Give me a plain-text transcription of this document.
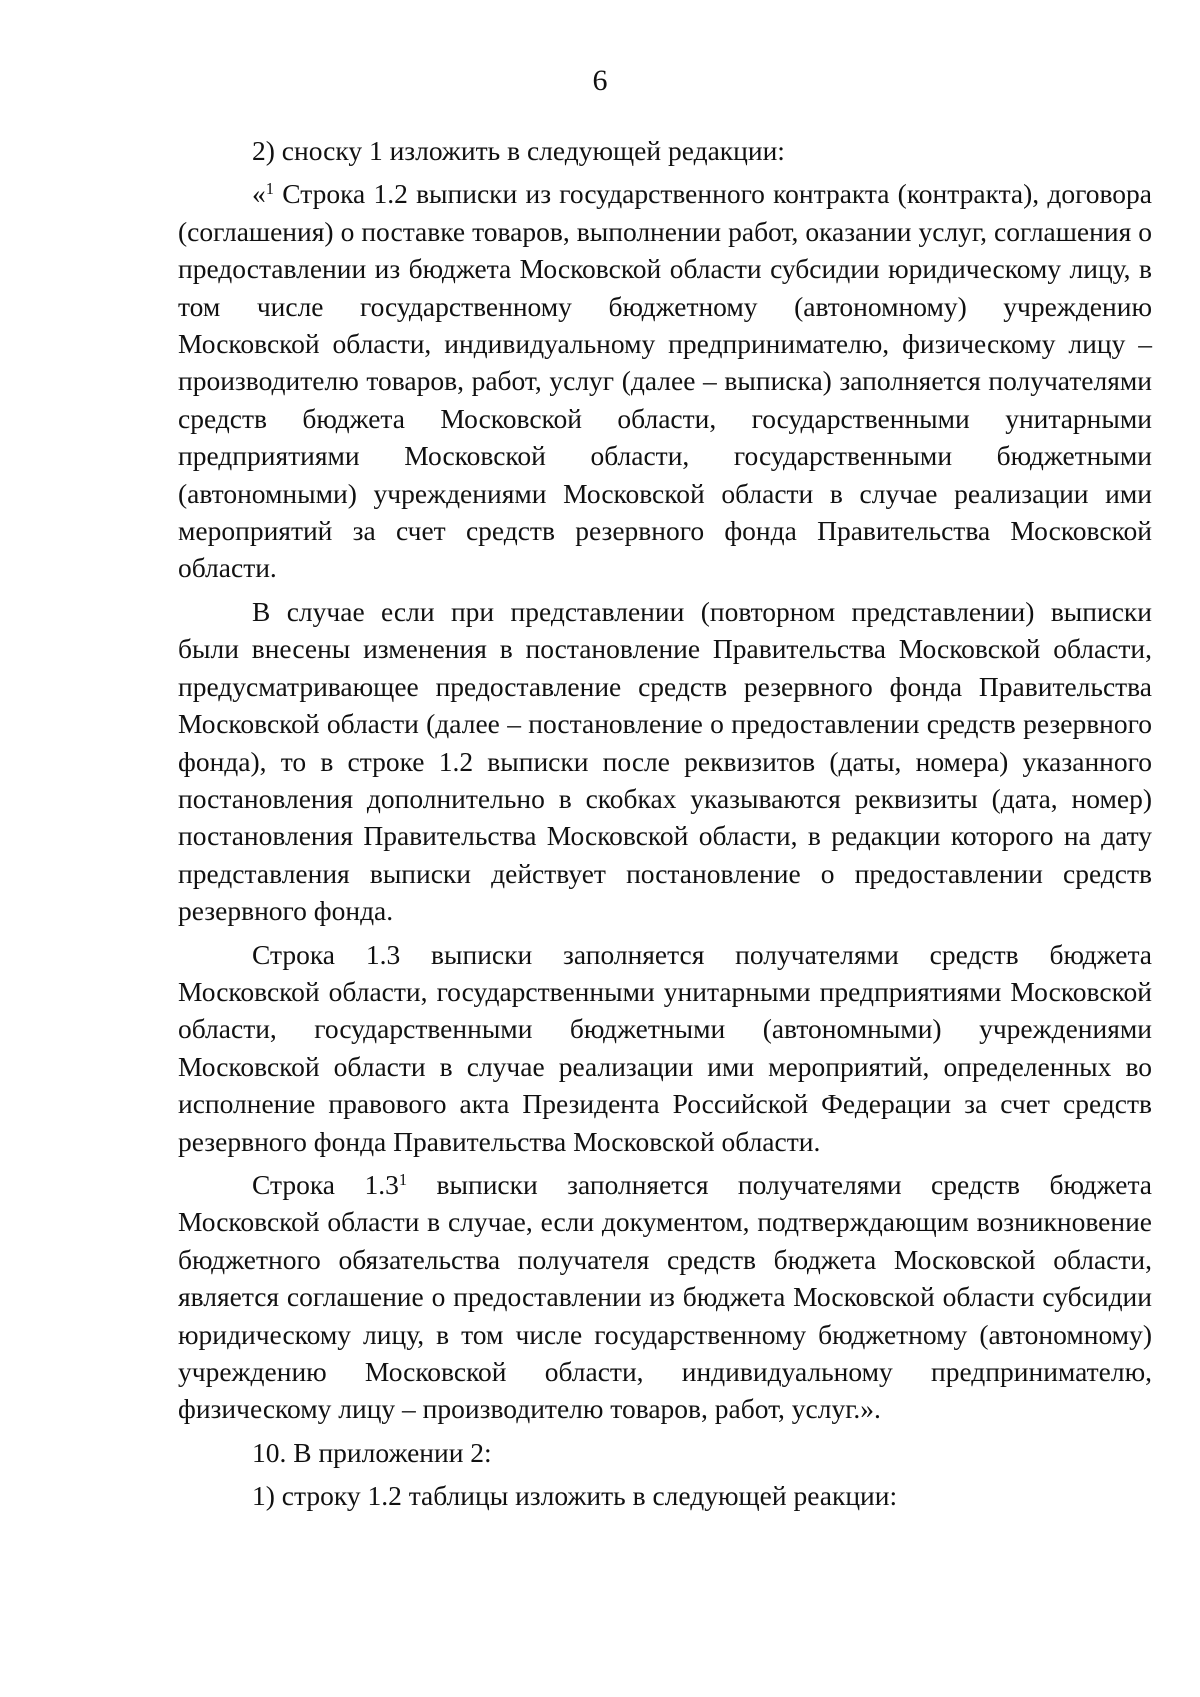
6

2) сноску 1 изложить в следующей редакции:

«$^1$ Строка 1.2 выписки из государственного контракта (контракта), договора (соглашения) о поставке товаров, выполнении работ, оказании услуг, соглашения о предоставлении из бюджета Московской области субсидии юридическому лицу, в том числе государственному бюджетному (автономному) учреждению Московской области, индивидуальному предпринимателю, физическому лицу – производителю товаров, работ, услуг (далее – выписка) заполняется получателями средств бюджета Московской области, государственными унитарными предприятиями Московской области, государственными бюджетными (автономными) учреждениями Московской области в случае реализации ими мероприятий за счет средств резервного фонда Правительства Московской области.

В случае если при представлении (повторном представлении) выписки были внесены изменения в постановление Правительства Московской области, предусматривающее предоставление средств резервного фонда Правительства Московской области (далее – постановление о предоставлении средств резервного фонда), то в строке 1.2 выписки после реквизитов (даты, номера) указанного постановления дополнительно в скобках указываются реквизиты (дата, номер) постановления Правительства Московской области, в редакции которого на дату представления выписки действует постановление о предоставлении средств резервного фонда.

Строка 1.3 выписки заполняется получателями средств бюджета Московской области, государственными унитарными предприятиями Московской области, государственными бюджетными (автономными) учреждениями Московской области в случае реализации ими мероприятий, определенных во исполнение правового акта Президента Российской Федерации за счет средств резервного фонда Правительства Московской области.

Строка $1.3^1$ выписки заполняется получателями средств бюджета Московской области в случае, если документом, подтверждающим возникновение бюджетного обязательства получателя средств бюджета Московской области, является соглашение о предоставлении из бюджета Московской области субсидии юридическому лицу, в том числе государственному бюджетному (автономному) учреждению Московской области, индивидуальному предпринимателю, физическому лицу – производителю товаров, работ, услуг.».

10. В приложении 2:

1) строку 1.2 таблицы изложить в следующей реакции:
